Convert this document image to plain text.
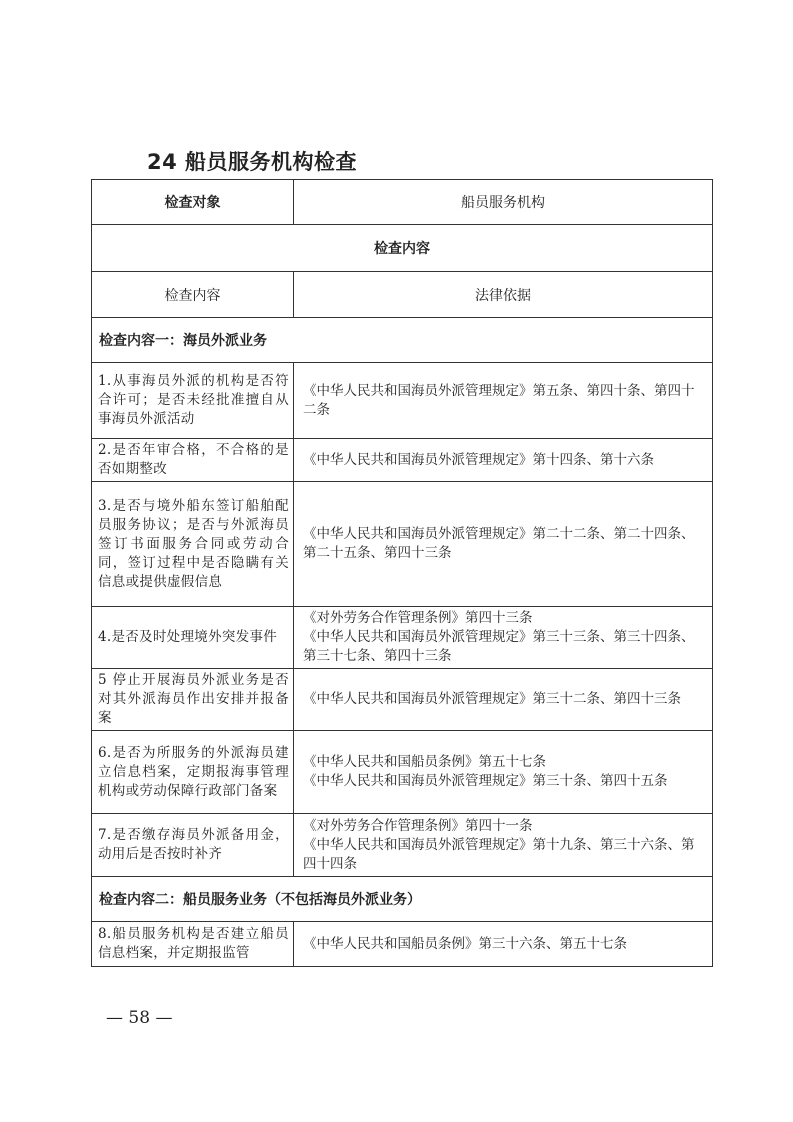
24 船员服务机构检查
检查对象	船员服务机构
检查内容	
检查内容	法律依据
检查内容一：海员外派业务	
1.从事海员外派的机构是否符合许可；是否未经批准擅自从事海员外派活动	《中华人民共和国海员外派管理规定》第五条、第四十条、第四十二条

2.是否年审合格，不合格的是否如期整改	《中华人民共和国海员外派管理规定》第十四条、第十六条

3.是否与境外船东签订船舶配员服务协议；是否与外派海员签订书面服务合同或劳动合同，签订过程中是否隐瞒有关信息或提供虚假信息	《中华人民共和国海员外派管理规定》第二十二条、第二十四条、第二十五条、第四十三条

4.是否及时处理境外突发事件	《对外劳务合作管理条例》第四十三条
《中华人民共和国海员外派管理规定》第三十三条、第三十四条、第三十七条、第四十三条

5 停止开展海员外派业务是否对其外派海员作出安排并报备案	《中华人民共和国海员外派管理规定》第三十二条、第四十三条

6.是否为所服务的外派海员建立信息档案，定期报海事管理机构或劳动保障行政部门备案	《中华人民共和国船员条例》第五十七条
《中华人民共和国海员外派管理规定》第三十条、第四十五条

7.是否缴存海员外派备用金，动用后是否按时补齐	《对外劳务合作管理条例》第四十一条
《中华人民共和国海员外派管理规定》第十九条、第三十六条、第四十四条

检查内容二：船员服务业务（不包括海员外派业务）	
8.船员服务机构是否建立船员信息档案，并定期报监管	《中华人民共和国船员条例》第三十六条、第五十七条
— 58 —
